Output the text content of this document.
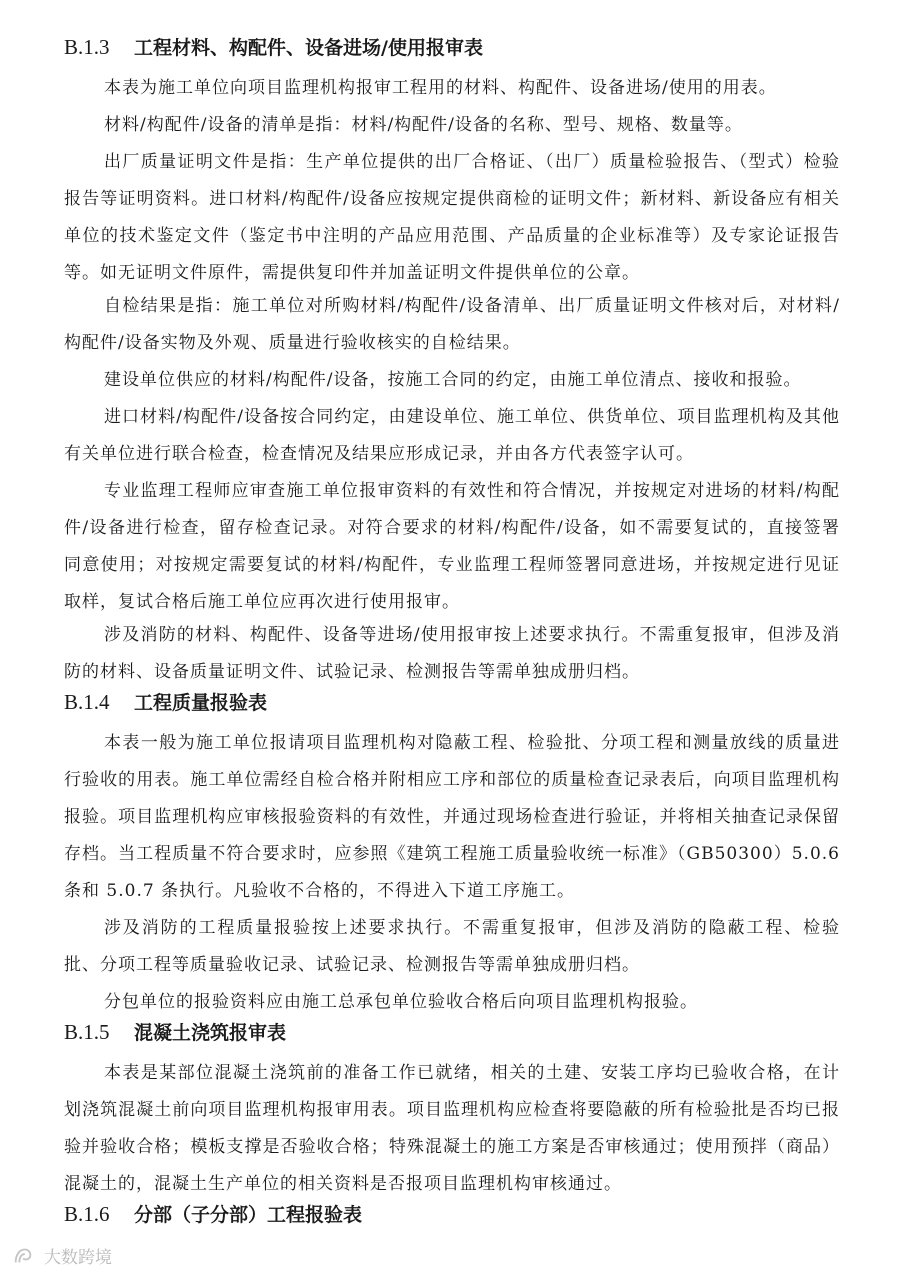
B.1.3 工程材料、构配件、设备进场/使用报审表

本表为施工单位向项目监理机构报审工程用的材料、构配件、设备进场/使用的用表。

材料/构配件/设备的清单是指：材料/构配件/设备的名称、型号、规格、数量等。

出厂质量证明文件是指：生产单位提供的出厂合格证、（出厂）质量检验报告、（型式）检验报告等证明资料。进口材料/构配件/设备应按规定提供商检的证明文件；新材料、新设备应有相关单位的技术鉴定文件（鉴定书中注明的产品应用范围、产品质量的企业标准等）及专家论证报告等。如无证明文件原件，需提供复印件并加盖证明文件提供单位的公章。

自检结果是指：施工单位对所购材料/构配件/设备清单、出厂质量证明文件核对后，对材料/构配件/设备实物及外观、质量进行验收核实的自检结果。

建设单位供应的材料/构配件/设备，按施工合同的约定，由施工单位清点、接收和报验。

进口材料/构配件/设备按合同约定，由建设单位、施工单位、供货单位、项目监理机构及其他有关单位进行联合检查，检查情况及结果应形成记录，并由各方代表签字认可。

专业监理工程师应审查施工单位报审资料的有效性和符合情况，并按规定对进场的材料/构配件/设备进行检查，留存检查记录。对符合要求的材料/构配件/设备，如不需要复试的，直接签署同意使用；对按规定需要复试的材料/构配件，专业监理工程师签署同意进场，并按规定进行见证取样，复试合格后施工单位应再次进行使用报审。

涉及消防的材料、构配件、设备等进场/使用报审按上述要求执行。不需重复报审，但涉及消防的材料、设备质量证明文件、试验记录、检测报告等需单独成册归档。

B.1.4 工程质量报验表

本表一般为施工单位报请项目监理机构对隐蔽工程、检验批、分项工程和测量放线的质量进行验收的用表。施工单位需经自检合格并附相应工序和部位的质量检查记录表后，向项目监理机构报验。项目监理机构应审核报验资料的有效性，并通过现场检查进行验证，并将相关抽查记录保留存档。当工程质量不符合要求时，应参照《建筑工程施工质量验收统一标准》（GB50300）5.0.6 条和 5.0.7 条执行。凡验收不合格的，不得进入下道工序施工。

涉及消防的工程质量报验按上述要求执行。不需重复报审，但涉及消防的隐蔽工程、检验批、分项工程等质量验收记录、试验记录、检测报告等需单独成册归档。

分包单位的报验资料应由施工总承包单位验收合格后向项目监理机构报验。

B.1.5 混凝土浇筑报审表

本表是某部位混凝土浇筑前的准备工作已就绪，相关的土建、安装工序均已验收合格，在计划浇筑混凝土前向项目监理机构报审用表。项目监理机构应检查将要隐蔽的所有检验批是否均已报验并验收合格；模板支撑是否验收合格；特殊混凝土的施工方案是否审核通过；使用预拌（商品）混凝土的，混凝土生产单位的相关资料是否报项目监理机构审核通过。

B.1.6 分部（子分部）工程报验表
大数跨境
